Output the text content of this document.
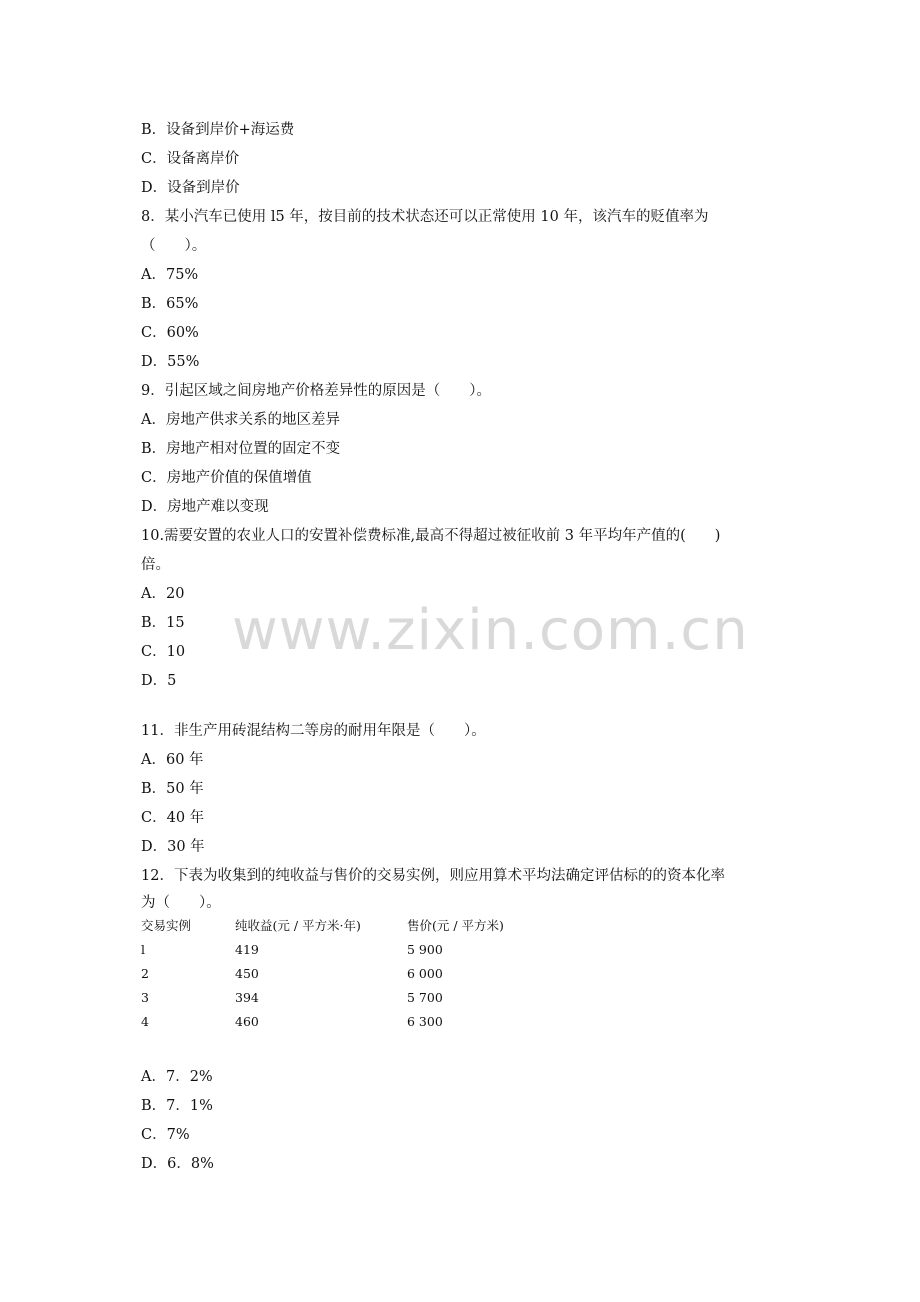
B．设备到岸价+海运费
C．设备离岸价
D．设备到岸价
8．某小汽车已使用 l5 年，按目前的技术状态还可以正常使用 10 年，该汽车的贬值率为
（　　）。
A．75%
B．65%
C．60%
D．55%
9．引起区域之间房地产价格差异性的原因是（　　）。
A．房地产供求关系的地区差异
B．房地产相对位置的固定不变
C．房地产价值的保值增值
D．房地产难以变现
10.需要安置的农业人口的安置补偿费标准,最高不得超过被征收前 3 年平均年产值的(　　)
倍。
A．20
B．15
C．10
D．5
11．非生产用砖混结构二等房的耐用年限是（　　）。
A．60 年
B．50 年
C．40 年
D．30 年
12．下表为收集到的纯收益与售价的交易实例，则应用算术平均法确定评估标的的资本化率
为（　　）。
交易实例	纯收益(元 / 平方米·年)	售价(元 / 平方米)
l	419	5 900
2	450	6 000
3	394	5 700
4	460	6 300
A．7．2%
B．7．1%
C．7%
D．6．8%
www.zixin.com.cn
